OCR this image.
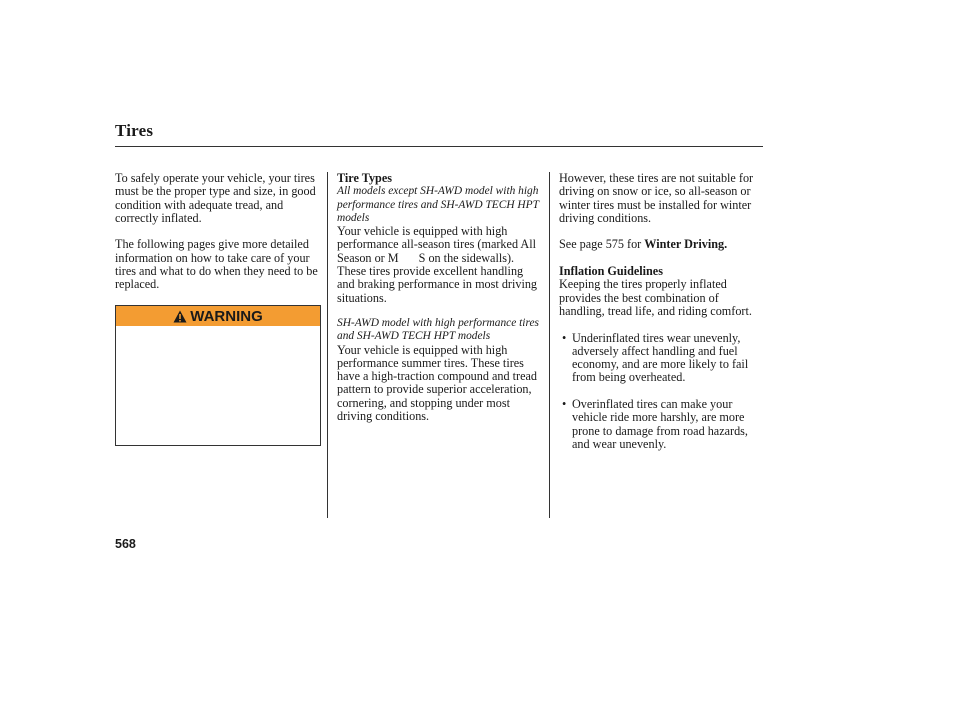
Tires

To safely operate your vehicle, your tires must be the proper type and size, in good condition with adequate tread, and correctly inflated.

The following pages give more detailed information on how to take care of your tires and what to do when they need to be replaced.

WARNING

Tire Types

All models except SH-AWD model with high performance tires and SH-AWD TECH HPT models

Your vehicle is equipped with high performance all-season tires (marked All Season or M S on the sidewalls). These tires provide excellent handling and braking performance in most driving situations.

SH-AWD model with high performance tires and SH-AWD TECH HPT models

Your vehicle is equipped with high performance summer tires. These tires have a high-traction compound and tread pattern to provide superior acceleration, cornering, and stopping under most driving conditions.

However, these tires are not suitable for driving on snow or ice, so all-season or winter tires must be installed for winter driving conditions.

See page 575 for Winter Driving.

Inflation Guidelines

Keeping the tires properly inflated provides the best combination of handling, tread life, and riding comfort.

• Underinflated tires wear unevenly, adversely affect handling and fuel economy, and are more likely to fail from being overheated.
• Overinflated tires can make your vehicle ride more harshly, are more prone to damage from road hazards, and wear unevenly.
568
